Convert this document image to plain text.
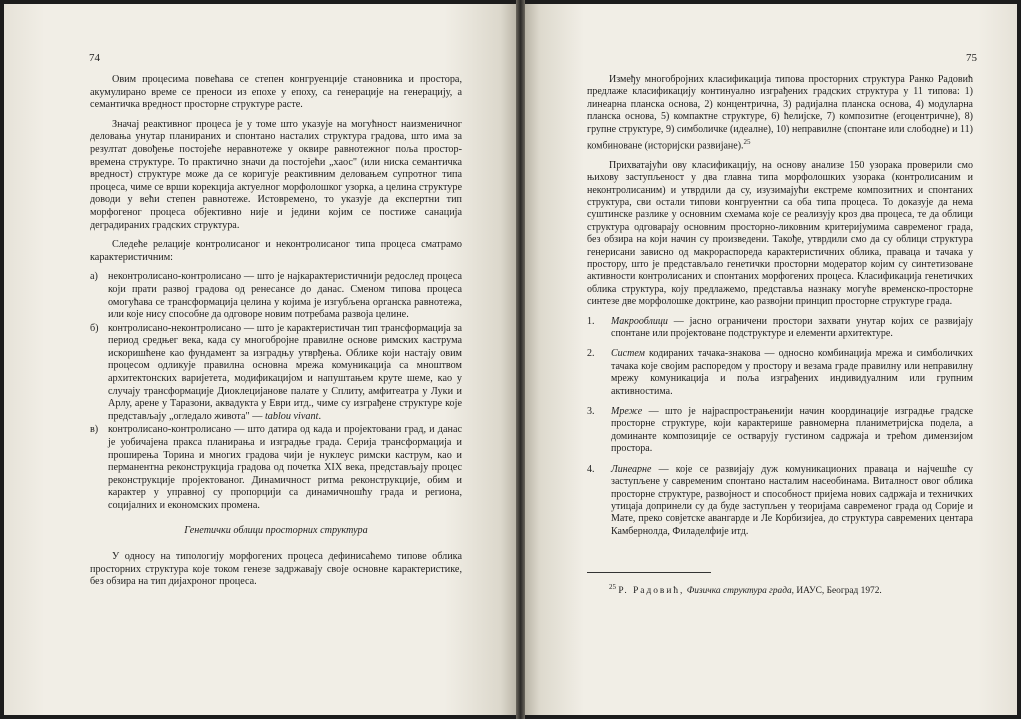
74

Овим процесима повећава се степен конгруенције становника и простора, акумулирано време се преноси из епохе у епоху, са генерације на генерацију, а семантичка вредност просторне структуре расте.

Значај реактивног процеса је у томе што указује на могућност наизменичног деловања унутар планираних и спонтано насталих структура градова, што има за резултат довођење постојеће неравнотеже у оквире равнотежног поља простор-времена структуре. То практично значи да постојећи „хаос" (или ниска семантичка вредност) структуре може да се коригује реактивним деловањем супротног типа процеса, чиме се врши корекција актуелног морфолошког узорка, а целина структуре доводи у већи степен равнотеже. Истовремено, то указује да експертни тип морфогеног процеса објективно није и једини којим се постиже санација деградираних градских структура.

Следеће релације контролисаног и неконтролисаног типа процеса сматрамо карактеристичним:

а) неконтролисано-контролисано — што је најкарактеристичнији редослед процеса који прати развој градова од ренесансе до данас. Сменом типова процеса омогућава се трансформација целина у којима је изгубљена органска равнотежа, или које нису способне да одговоре новим потребама развоја целине.
б) контролисано-неконтролисано — што је карактеристичан тип трансформација за период средњег века, када су многобројне правилне основе римских каструма искоришћене као фундамент за изградњу утврђења. Облике који настају овим процесом одликује правилна основна мрежа комуникација са мноштвом архитектонских варијетета, модификацијом и напуштањем крутe шеме, као у случају трансформације Диоклецијанове палате у Сплиту, амфитеатра у Луки и Арлу, арене у Таразони, аквадукта у Еври итд., чиме су изграђене структуре које представљају „огледало живота" — tablou vivant.
в) контролисано-контролисано — што датира од када и пројектовани град, и данас је уобичајена пракса планирања и изградње града. Серија трансформација и проширења Торина и многих градова чији је нуклеус римски каструм, као и перманентна реконструкција градова од почетка XIX века, представљају процес реконструкције пројектованог. Динамичност ритма реконструкције, обим и карактер у управној су пропорцији са динамичношћу града и региона, социјалних и економских промена.

Генетички облици просторних структура

У односу на типологију морфогених процеса дефинисаћемо типове облика просторних структура које током генезе задржавају своје основне карактеристике, без обзира на тип дијахроног процеса.

75

Између многобројних класификација типова просторних структура Ранко Радовић предлаже класификацију континуално изграђених градских структура у 11 типова: 1) линеарна планска основа, 2) концентрична, 3) радијална планска основа, 4) модуларна планска основа, 5) компактне структуре, 6) ћелијске, 7) композитне (егоцентричне), 8) групне структуре, 9) симболичке (идеалне), 10) неправилне (спонтане или слободне) и 11) комбиноване (историјски развијане).$^{25}$

Прихватајући ову класификацију, на основу анализе 150 узорака проверили смо њихову заступљеност у два главна типа морфолошких узорака (контролисаним и неконтролисаним) и утврдили да су, изузимајући екстреме композитних и спонтаних структура, сви остали типови конгруентни са оба типа процеса. То доказује да нема суштинске разлике у основним схемама које се реализују кроз два процеса, те да облици структура одговарају основним просторно-ликовним критеријумима савременог града, без обзира на који начин су произведени. Такође, утврдили смо да су облици структура генерисани зависно од макрораспореда карактеристичних облика, праваца и тачака у простору, што је представљало генетички просторни модератор којим су синтетизоване активности контролисаних и спонтаних морфогених процеса. Класификација генетичких облика структура, коју предлажемо, представља назнаку могуће временско-просторне синтезе две морфолошке доктрине, као развојни принцип просторне структуре града.

1.	Макрооблици — јасно ограничени простори захвати унутар којих се развијају спонтане или пројектоване подструктуре и елементи архитектуре.
2.	Систем кодираних тачака-знакова — односно комбинација мрежа и симболичких тачака које својим распоредом у простору и везама граде правилну или неправилну мрежу комуникација и поља изграђених индивидуалним или групним активностима.
3.	Мреже — што је најраспрострањенији начин координације изградње градске просторне структуре, који карактерише равномерна планиметријска подела, а доминанте композиције се остварују густином садржаја и трећом димензијом простора.
4.	Линеарне — које се развијају дуж комуникационих праваца и најчешће су заступљене у савременим спонтано насталим насеобинама. Виталност овог облика просторне структуре, развојност и способност пријема нових садржаја и техничких утицаја допринели су да буде заступљен у теоријама савременог града од Сорије и Мате, преко совјетске авангарде и Ле Корбизијеа, до структура савремених центара Камбернолда, Филаделфије итд.

$^{25}$ Р. Радовић, Физичка структура града, ИАУС, Београд 1972.
